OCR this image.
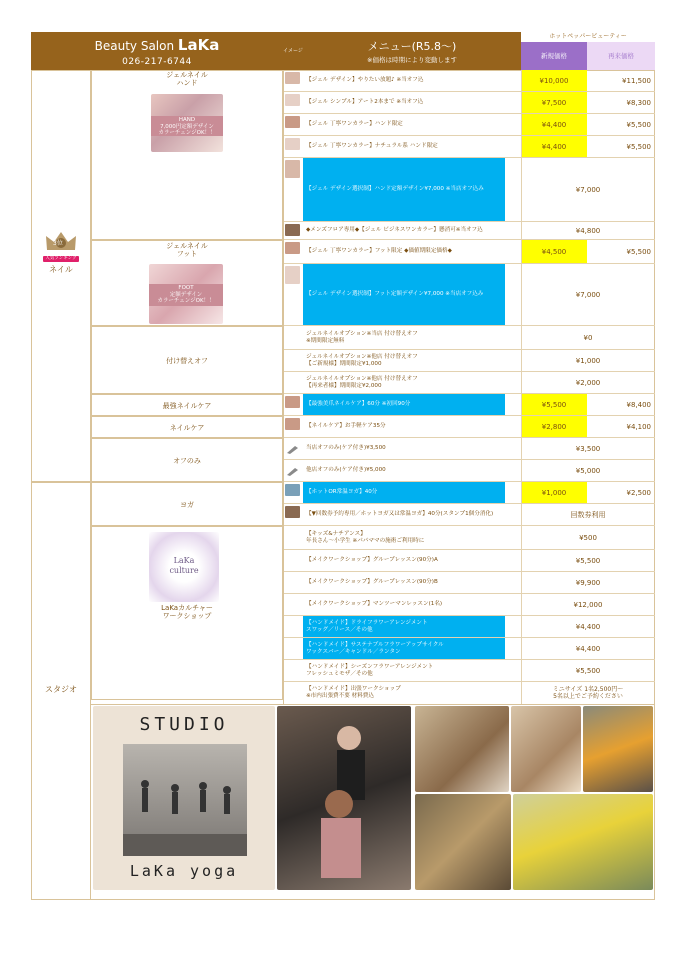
Beauty Salon LaKa
026-217-6744
イメージ	メニュー(R5.8～)
※価格は時期により変動します
ホットペッパービューティー
新規価格	再来価格
3位
人気ランキング
ネイル
スタジオ
ジェルネイル
ハンド
HAND
7,000円定額デザイン
カラーチェンジOK！！
ジェルネイル
フット
FOOT
定額デザイン
カラーチェンジOK！！
付け替えオフ
最強ネイルケア
ネイルケア
オフのみ
ヨガ
LaKa
culture
LaKaカルチャー
ワークショップ
【ジェル デザイン】やりたい放題♪ ※当オフ込	¥10,000	¥11,500
【ジェル シンプル】アート2本まで ※当オフ込	¥7,500	¥8,300
【ジェル 丁寧ワンカラー】ハンド限定	¥4,400	¥5,500
【ジェル 丁寧ワンカラー】ナチュラル系 ハンド限定	¥4,400	¥5,500
【ジェル デザイン選択制】ハンド定額デザイン¥7,000 ※当店オフ込み	¥7,000
◆メンズフロア専用◆【ジェル ビジネスワンカラー】懸消可※当オフ込	¥4,800
【ジェル 丁寧ワンカラー】フット限定 ◆価値期限定価格◆	¥4,500	¥5,500
【ジェル デザイン選択制】フット定額デザイン¥7,000 ※当店オフ込み	¥7,000
ジェルネイルオプション※当店 付け替えオフ
※期間限定無料	¥0
ジェルネイルオプション※他店 付け替えオフ
【ご新規様】期間限定¥1,000	¥1,000
ジェルネイルオプション※他店 付け替えオフ
【再来者様】期間限定¥2,000	¥2,000
【最強美爪ネイルケア】60分 ※初回90分	¥5,500	¥8,400
【ネイルケア】お手軽ケア35分	¥2,800	¥4,100
当店オフのみ(ケア付き)¥3,500	¥3,500
他店オフのみ(ケア付き)¥5,000	¥5,000
【ホットOR常温ヨガ】40分	¥1,000	¥2,500
【▼回数券予約専用／ホットヨガ又は常温ヨガ】40分(スタンプ1個分消化)	回数券利用
【キッズ&ナチアンス】
年長さん～小学生 ※パパママの施術ご利用時に	¥500
【メイクワークショップ】グループレッスン(90分)A	¥5,500
【メイクワークショップ】グループレッスン(90分)B	¥9,900
【メイクワークショップ】マンツーマンレッスン(1名)	¥12,000
【ハンドメイド】ドライフラワーアレンジメント
スワッグ／リース／その他	¥4,400
【ハンドメイド】サステナブルフラワーアップサイクル
ワックスバー／キャンドル／ランタン	¥4,400
【ハンドメイド】シーズンフラワーアレンジメント
フレッシュミモザ／その他	¥5,500
【ハンドメイド】出張ワークショップ
※市内出張費不要 材料費込
ミニサイズ 1名2,500円～
5名以上でご予約ください
STUDIO
LaKa yoga
